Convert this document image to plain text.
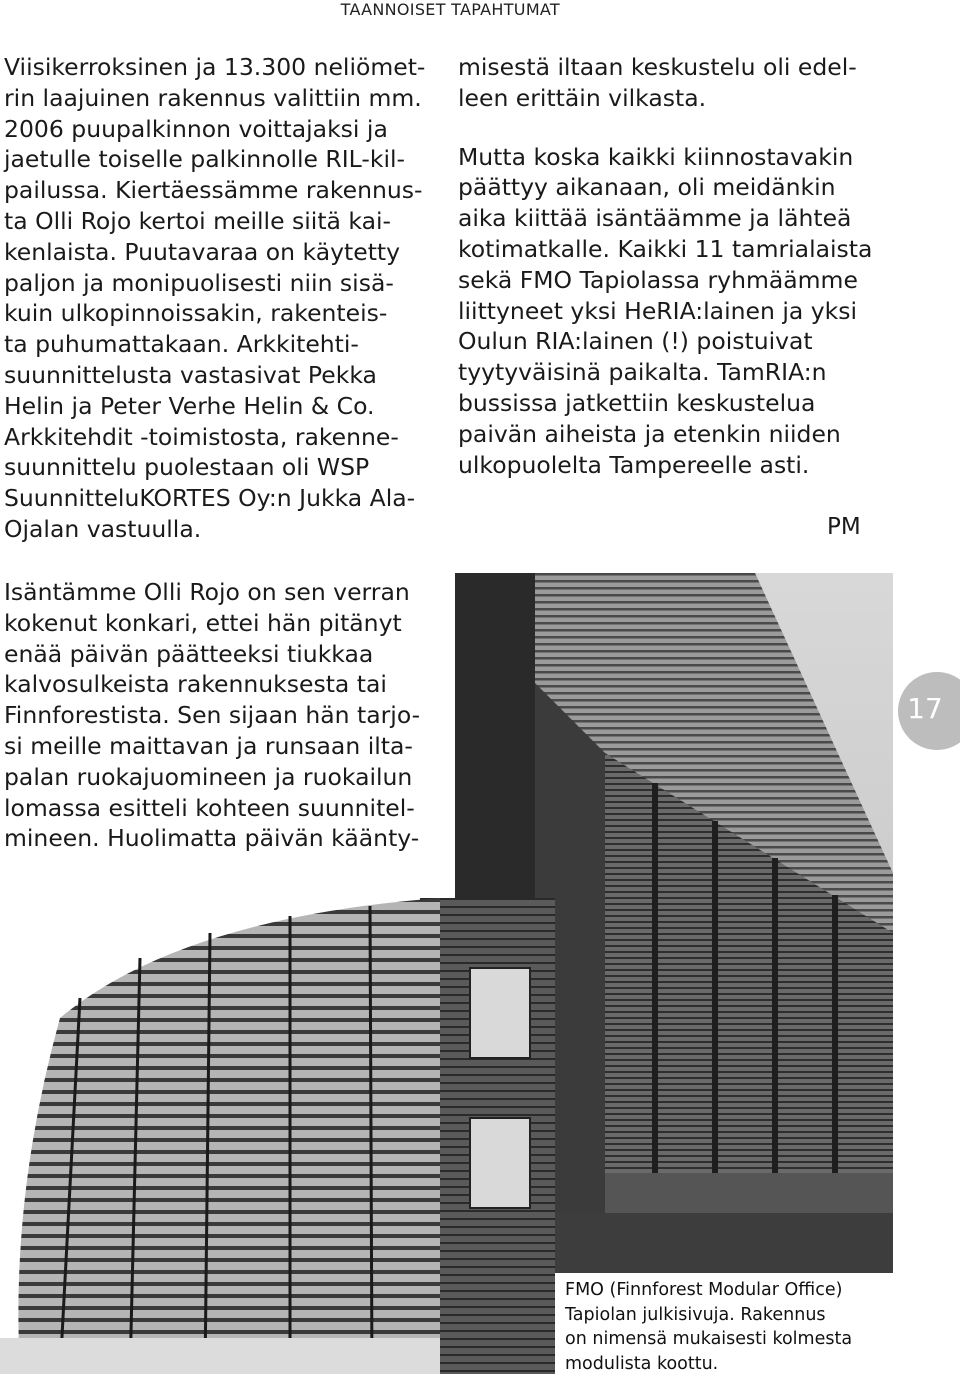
TAANNOISET TAPAHTUMAT

Viisikerroksinen ja 13.300 neliömet-
rin laajuinen rakennus valittiin mm.
2006 puupalkinnon voittajaksi ja
jaetulle toiselle palkinnolle RIL-kil-
pailussa. Kiertäessämme rakennus-
ta Olli Rojo kertoi meille siitä kai-
kenlaista. Puutavaraa on käytetty
paljon ja monipuolisesti niin sisä-
kuin ulkopinnoissakin, rakenteis-
ta puhumattakaan. Arkkitehti-
suunnittelusta vastasivat Pekka
Helin ja Peter Verhe Helin & Co.
Arkkitehdit -toimistosta, rakenne-
suunnittelu puolestaan oli WSP
SuunnitteluKORTES Oy:n Jukka Ala-
Ojalan vastuulla.

misestä iltaan keskustelu oli edel-
leen erittäin vilkasta.

Mutta koska kaikki kiinnostavakin
päättyy aikanaan, oli meidänkin
aika kiittää isäntäämme ja lähteä
kotimatkalle. Kaikki 11 tamrialaista
sekä FMO Tapiolassa ryhmäämme
liittyneet yksi HeRIA:lainen ja yksi
Oulun RIA:lainen (!) poistuivat
tyytyväisinä paikalta. TamRIA:n
bussissa jatkettiin keskustelua
paivän aiheista ja etenkin niiden
ulkopuolelta Tampereelle asti.

PM

Isäntämme Olli Rojo on sen verran
kokenut konkari, ettei hän pitänyt
enää päivän päätteeksi tiukkaa
kalvosulkeista rakennuksesta tai
Finnforestista. Sen sijaan hän tarjo-
si meille maittavan ja runsaan ilta-
palan ruokajuomineen ja ruokailun
lomassa esitteli kohteen suunnitel-
mineen. Huolimatta päivän käänty-

17
FMO (Finnforest Modular Office)
Tapiolan julkisivuja. Rakennus
on nimensä mukaisesti kolmesta
modulista koottu.
